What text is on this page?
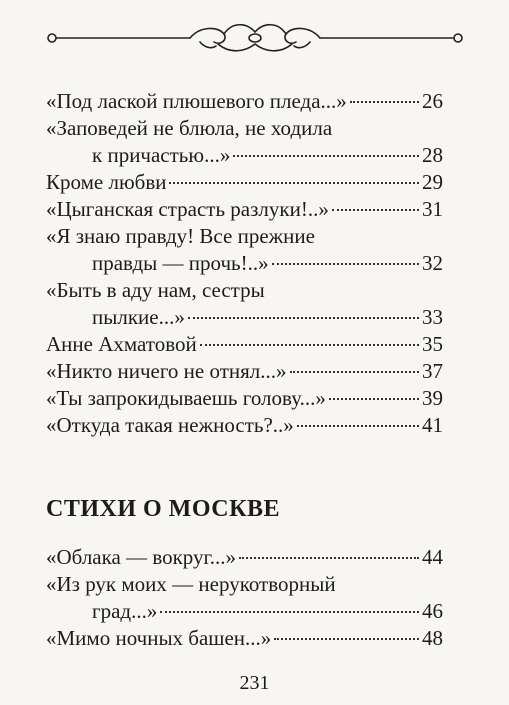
«Под лаской плюшевого пледа...»	26
«Заповедей не блюла, не ходила
к причастью...»	28
Кроме любви	29
«Цыганская страсть разлуки!..»	31
«Я знаю правду! Все прежние
правды — прочь!..»	32
«Быть в аду нам, сестры
пылкие...»	33
Анне Ахматовой	35
«Никто ничего не отнял...»	37
«Ты запрокидываешь голову...»	39
«Откуда такая нежность?..»	41
СТИХИ О МОСКВЕ
«Облака — вокруг...»	44
«Из рук моих — нерукотворный
град...»	46
«Мимо ночных башен...»	48
231
